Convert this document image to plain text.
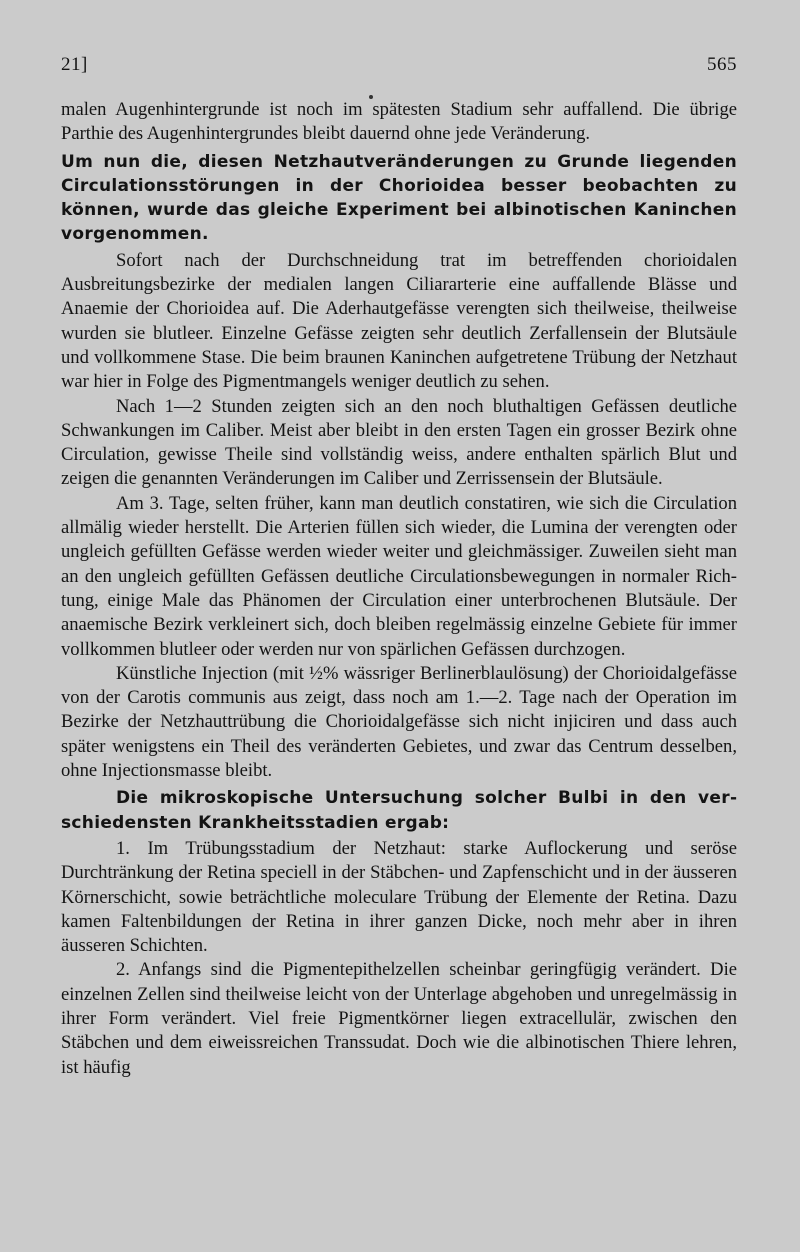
21]	565

malen Augenhintergrunde ist noch im spätesten Stadium sehr auffallend. Die übrige Parthie des Augenhintergrundes bleibt dauernd ohne jede Veränderung.

Um nun die, diesen Netzhautveränderungen zu Grunde liegenden Circulationsstörungen in der Chorioidea besser beobachten zu können, wurde das gleiche Experiment bei albinotischen Kaninchen vorgenommen.

Sofort nach der Durchschneidung trat im betreffenden chorioidalen Ausbreitungsbezirke der medialen langen Ciliararterie eine auffallende Blässe und Anaemie der Chorioidea auf. Die Aderhautgefässe verengten sich theilweise, theilweise wurden sie blutleer. Einzelne Gefässe zeigten sehr deutlich Zerfallensein der Blutsäule und vollkommene Stase. Die beim braunen Kaninchen aufgetretene Trübung der Netzhaut war hier in Folge des Pigmentmangels weniger deutlich zu sehen.

Nach 1—2 Stunden zeigten sich an den noch bluthaltigen Gefässen deutliche Schwankungen im Caliber. Meist aber bleibt in den ersten Tagen ein grosser Bezirk ohne Circulation, gewisse Theile sind vollständig weiss, andere enthalten spärlich Blut und zeigen die genannten Veränderungen im Caliber und Zerrissensein der Blutsäule.

Am 3. Tage, selten früher, kann man deutlich constatiren, wie sich die Circulation allmälig wieder herstellt. Die Arterien füllen sich wieder, die Lumina der verengten oder ungleich gefüllten Gefässe werden wieder weiter und gleichmässiger. Zuweilen sieht man an den ungleich gefüllten Gefässen deutliche Circulationsbewegungen in normaler Richtung, einige Male das Phänomen der Circulation einer unterbrochenen Blutsäule. Der anaemische Bezirk verkleinert sich, doch bleiben regelmässig einzelne Gebiete für immer vollkommen blutleer oder werden nur von spärlichen Gefässen durchzogen.

Künstliche Injection (mit ½% wässriger Berlinerblaulösung) der Chorioidalgefässe von der Carotis communis aus zeigt, dass noch am 1.—2. Tage nach der Operation im Bezirke der Netzhauttrübung die Chorioidalgefässe sich nicht injiciren und dass auch später wenigstens ein Theil des veränderten Gebietes, und zwar das Centrum desselben, ohne Injectionsmasse bleibt.

Die mikroskopische Untersuchung solcher Bulbi in den verschiedensten Krankheitsstadien ergab:

1. Im Trübungsstadium der Netzhaut: starke Auflockerung und seröse Durchtränkung der Retina speciell in der Stäbchen- und Zapfenschicht und in der äusseren Körnerschicht, sowie beträchtliche moleculare Trübung der Elemente der Retina. Dazu kamen Faltenbildungen der Retina in ihrer ganzen Dicke, noch mehr aber in ihren äusseren Schichten.

2. Anfangs sind die Pigmentepithelzellen scheinbar geringfügig verändert. Die einzelnen Zellen sind theilweise leicht von der Unterlage abgehoben und unregelmässig in ihrer Form verändert. Viel freie Pigmentkörner liegen extracellulär, zwischen den Stäbchen und dem eiweissreichen Transsudat. Doch wie die albinotischen Thiere lehren, ist häufig
